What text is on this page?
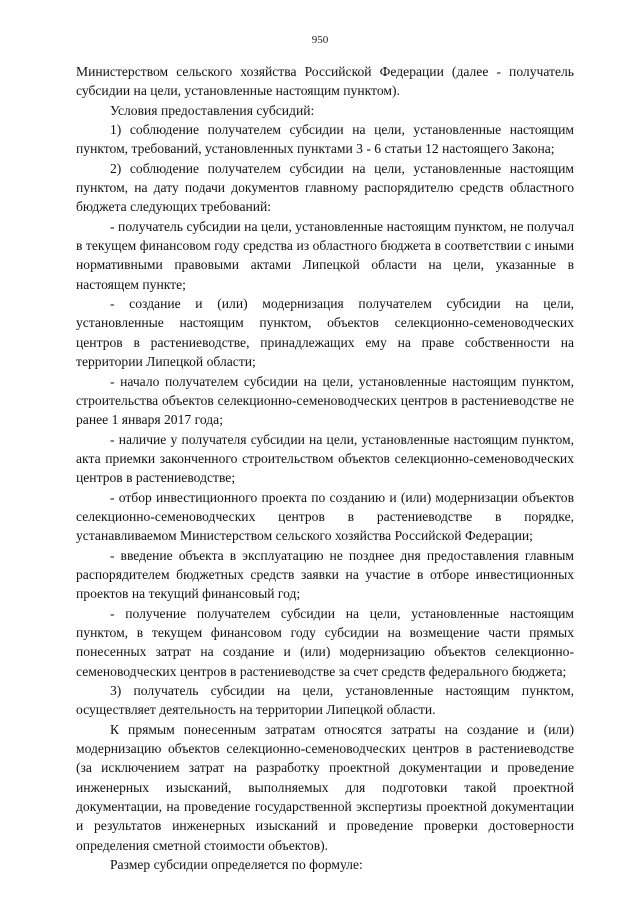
950

Министерством сельского хозяйства Российской Федерации (далее - получатель субсидии на цели, установленные настоящим пунктом).

Условия предоставления субсидий:

1) соблюдение получателем субсидии на цели, установленные настоящим пунктом, требований, установленных пунктами 3 - 6 статьи 12 настоящего Закона;

2) соблюдение получателем субсидии на цели, установленные настоящим пунктом, на дату подачи документов главному распорядителю средств областного бюджета следующих требований:

- получатель субсидии на цели, установленные настоящим пунктом, не получал в текущем финансовом году средства из областного бюджета в соответствии с иными нормативными правовыми актами Липецкой области на цели, указанные в настоящем пункте;

- создание и (или) модернизация получателем субсидии на цели, установленные настоящим пунктом, объектов селекционно-семеноводческих центров в растениеводстве, принадлежащих ему на праве собственности на территории Липецкой области;

- начало получателем субсидии на цели, установленные настоящим пунктом, строительства объектов селекционно-семеноводческих центров в растениеводстве не ранее 1 января 2017 года;

- наличие у получателя субсидии на цели, установленные настоящим пунктом, акта приемки законченного строительством объектов селекционно-семеноводческих центров в растениеводстве;

- отбор инвестиционного проекта по созданию и (или) модернизации объектов селекционно-семеноводческих центров в растениеводстве в порядке, устанавливаемом Министерством сельского хозяйства Российской Федерации;

- введение объекта в эксплуатацию не позднее дня предоставления главным распорядителем бюджетных средств заявки на участие в отборе инвестиционных проектов на текущий финансовый год;

- получение получателем субсидии на цели, установленные настоящим пунктом, в текущем финансовом году субсидии на возмещение части прямых понесенных затрат на создание и (или) модернизацию объектов селекционно-семеноводческих центров в растениеводстве за счет средств федерального бюджета;

3) получатель субсидии на цели, установленные настоящим пунктом, осуществляет деятельность на территории Липецкой области.

К прямым понесенным затратам относятся затраты на создание и (или) модернизацию объектов селекционно-семеноводческих центров в растениеводстве (за исключением затрат на разработку проектной документации и проведение инженерных изысканий, выполняемых для подготовки такой проектной документации, на проведение государственной экспертизы проектной документации и результатов инженерных изысканий и проведение проверки достоверности определения сметной стоимости объектов).

Размер субсидии определяется по формуле:
